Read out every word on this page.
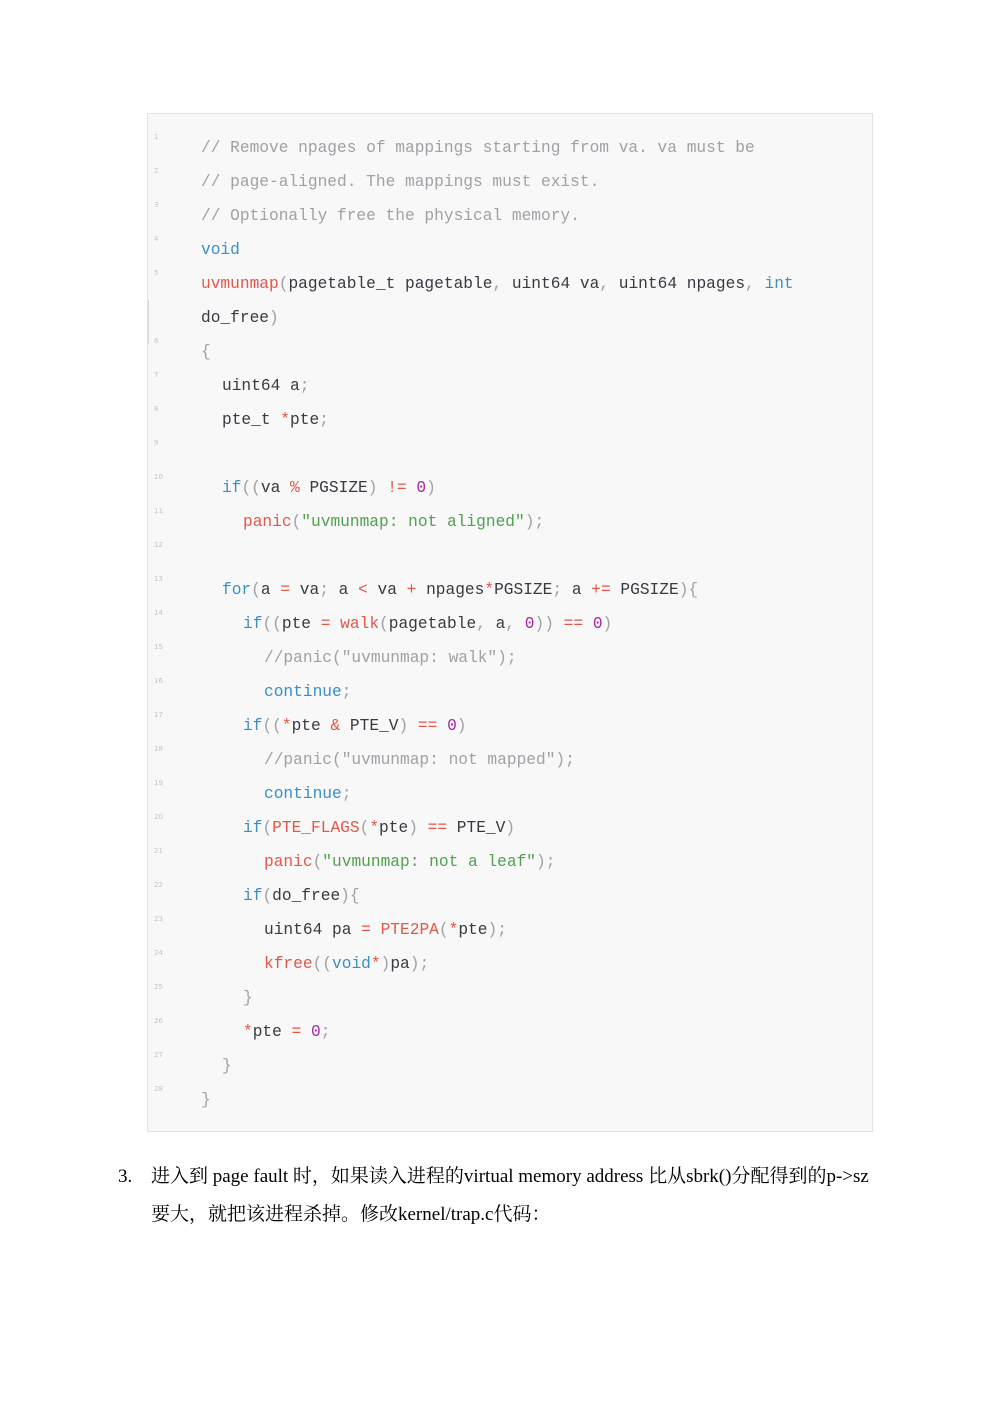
1
// Remove npages of mappings starting from va. va must be
2
// page-aligned. The mappings must exist.
3
// Optionally free the physical memory.
4
void
5
uvmunmap(pagetable_t pagetable, uint64 va, uint64 npages, int
do_free)
6
{
7
uint64 a;
8
pte_t *pte;
9
10
if((va % PGSIZE) != 0)
11
panic("uvmunmap: not aligned");
12
13
for(a = va; a < va + npages*PGSIZE; a += PGSIZE){
14
if((pte = walk(pagetable, a, 0)) == 0)
15
//panic("uvmunmap: walk");
16
continue;
17
if((*pte & PTE_V) == 0)
18
//panic("uvmunmap: not mapped");
19
continue;
20
if(PTE_FLAGS(*pte) == PTE_V)
21
panic("uvmunmap: not a leaf");
22
if(do_free){
23
uint64 pa = PTE2PA(*pte);
24
kfree((void*)pa);
25
}
26
*pte = 0;
27
}
28
}
3. 进入到 page fault 时，如果读入进程的virtual memory address 比从sbrk()分配得到的p->sz要大，就把该进程杀掉。修改kernel/trap.c代码：
